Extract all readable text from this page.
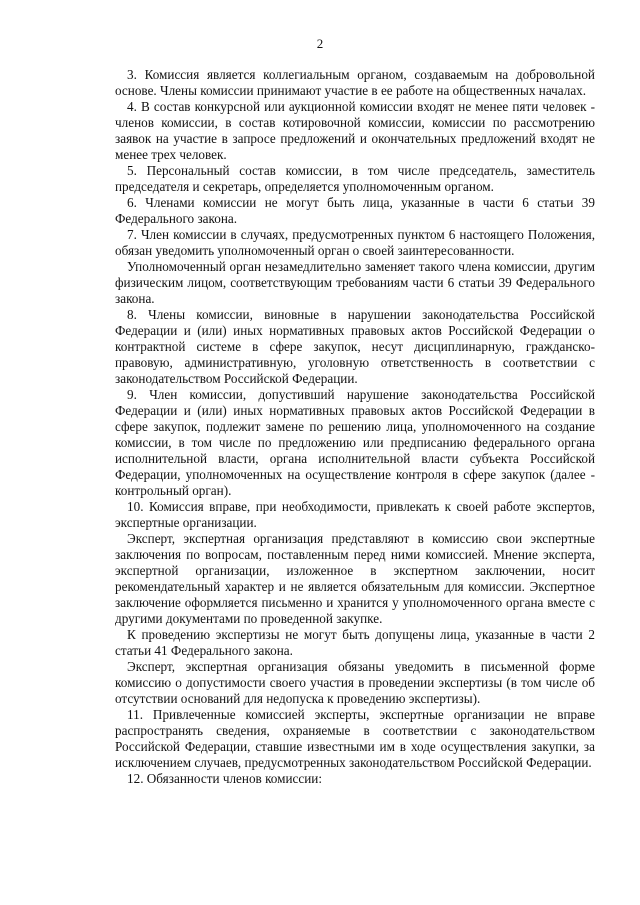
2

3. Комиссия является коллегиальным органом, создаваемым на добровольной основе. Члены комиссии принимают участие в ее работе на общественных началах.

4. В состав конкурсной или аукционной комиссии входят не менее пяти человек - членов комиссии, в состав котировочной комиссии, комиссии по рассмотрению заявок на участие в запросе предложений и окончательных предложений входят не менее трех человек.

5. Персональный состав комиссии, в том числе председатель, заместитель председателя и секретарь, определяется уполномоченным органом.

6. Членами комиссии не могут быть лица, указанные в части 6 статьи 39 Федерального закона.

7. Член комиссии в случаях, предусмотренных пунктом 6 настоящего Положения, обязан уведомить уполномоченный орган о своей заинтересованности.

Уполномоченный орган незамедлительно заменяет такого члена комиссии, другим физическим лицом, соответствующим требованиям части 6 статьи 39 Федерального закона.

8. Члены комиссии, виновные в нарушении законодательства Российской Федерации и (или) иных нормативных правовых актов Российской Федерации о контрактной системе в сфере закупок, несут дисциплинарную, гражданско-правовую, административную, уголовную ответственность в соответствии с законодательством Российской Федерации.

9. Член комиссии, допустивший нарушение законодательства Российской Федерации и (или) иных нормативных правовых актов Российской Федерации в сфере закупок, подлежит замене по решению лица, уполномоченного на создание комиссии, в том числе по предложению или предписанию федерального органа исполнительной власти, органа исполнительной власти субъекта Российской Федерации, уполномоченных на осуществление контроля в сфере закупок (далее - контрольный орган).

10. Комиссия вправе, при необходимости, привлекать к своей работе экспертов, экспертные организации.

Эксперт, экспертная организация представляют в комиссию свои экспертные заключения по вопросам, поставленным перед ними комиссией. Мнение эксперта, экспертной организации, изложенное в экспертном заключении, носит рекомендательный характер и не является обязательным для комиссии. Экспертное заключение оформляется письменно и хранится у уполномоченного органа вместе с другими документами по проведенной закупке.

К проведению экспертизы не могут быть допущены лица, указанные в части 2 статьи 41 Федерального закона.

Эксперт, экспертная организация обязаны уведомить в письменной форме комиссию о допустимости своего участия в проведении экспертизы (в том числе об отсутствии оснований для недопуска к проведению экспертизы).

11. Привлеченные комиссией эксперты, экспертные организации не вправе распространять сведения, охраняемые в соответствии с законодательством Российской Федерации, ставшие известными им в ходе осуществления закупки, за исключением случаев, предусмотренных законодательством Российской Федерации.

12. Обязанности членов комиссии:
